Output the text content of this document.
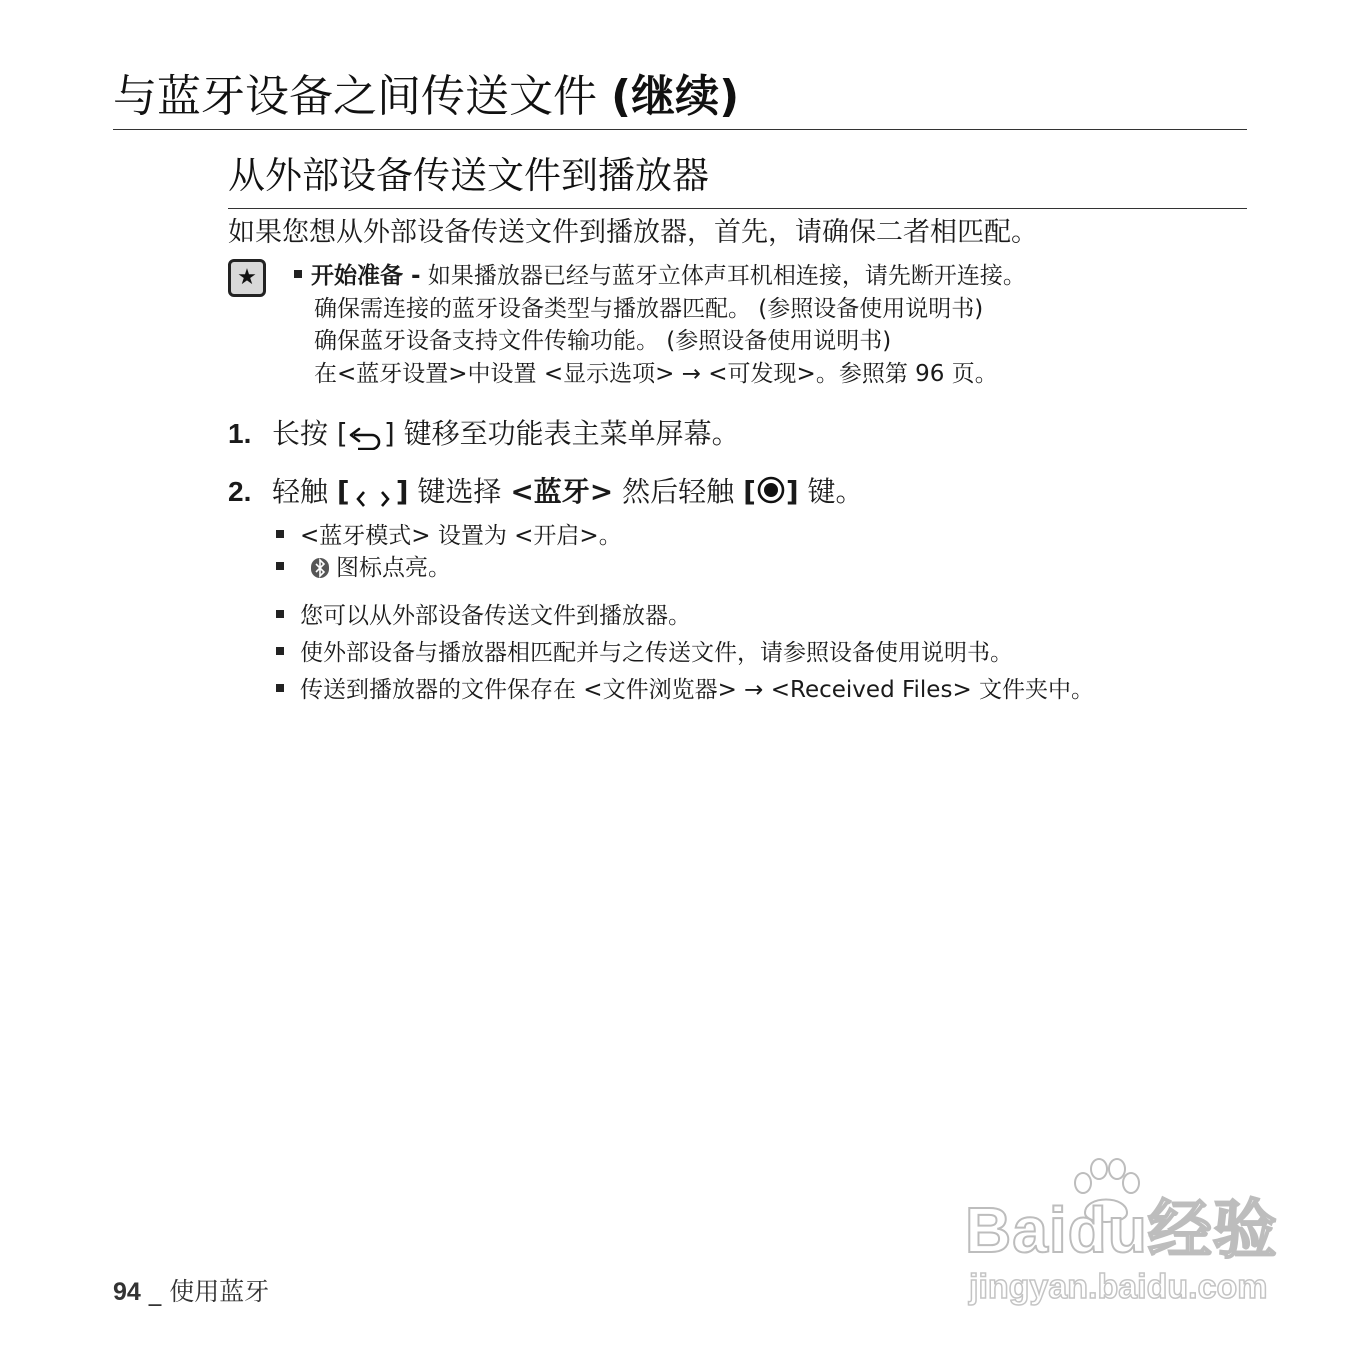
与蓝牙设备之间传送文件 (继续)
从外部设备传送文件到播放器
如果您想从外部设备传送文件到播放器，首先，请确保二者相匹配。
★	开始准备 - 如果播放器已经与蓝牙立体声耳机相连接，请先断开连接。
确保需连接的蓝牙设备类型与播放器匹配。 (参照设备使用说明书)
确保蓝牙设备支持文件传输功能。 (参照设备使用说明书)
在<蓝牙设置>中设置 <显示选项> → <可发现>。参照第 96 页。
1. 长按 [ ] 键移至功能表主菜单屏幕。
2. 轻触 [ ] 键选择 <蓝牙> 然后轻触 [ ] 键。
<蓝牙模式> 设置为 <开启>。
图标点亮。
您可以从外部设备传送文件到播放器。
使外部设备与播放器相匹配并与之传送文件，请参照设备使用说明书。
传送到播放器的文件保存在 <文件浏览器> → <Received Files> 文件夹中。
94 _ 使用蓝牙
Baidu经验
jingyan.baidu.com
